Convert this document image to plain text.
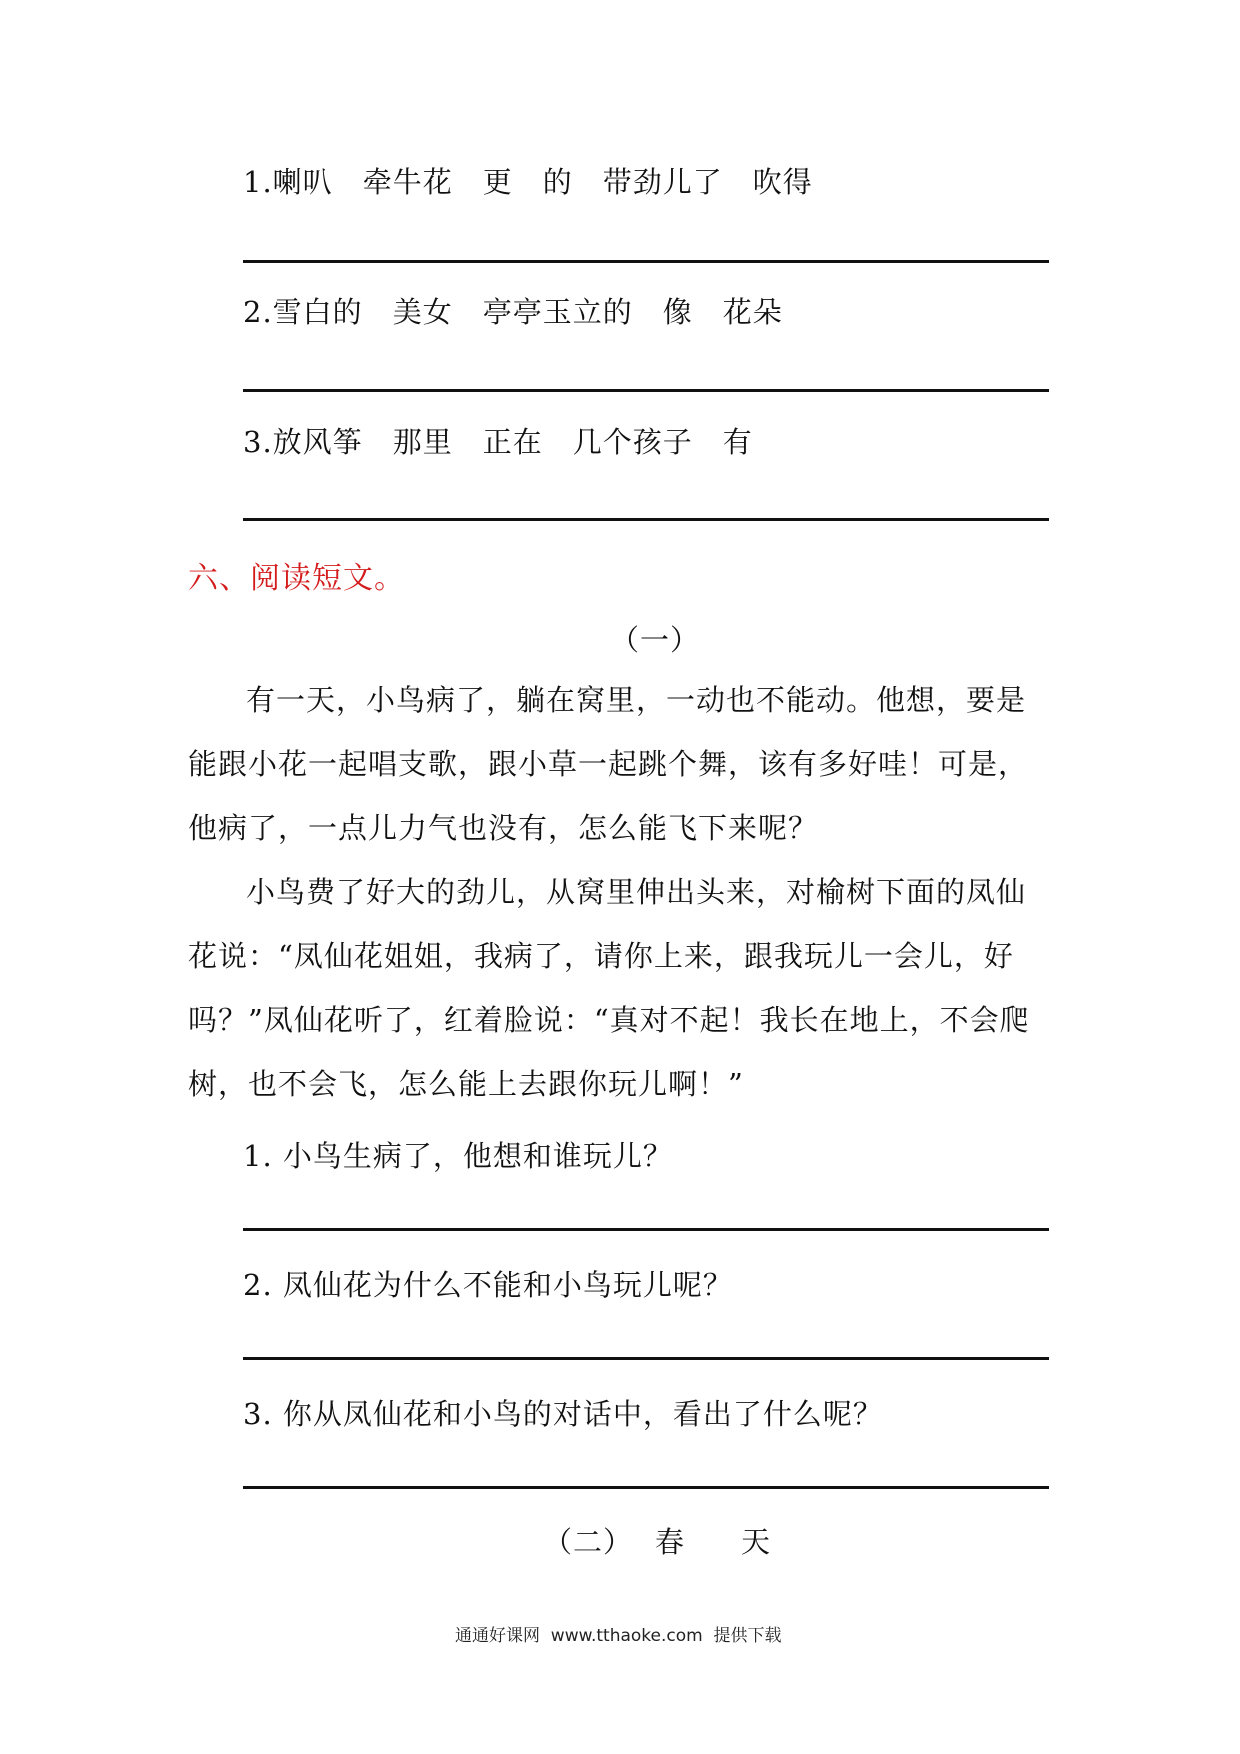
1.喇叭 牵牛花 更 的 带劲儿了 吹得
2.雪白的 美女 亭亭玉立的 像 花朵
3.放风筝 那里 正在 几个孩子 有
六、阅读短文。
（一）

有一天，小鸟病了，躺在窝里，一动也不能动。他想，要是能跟小花一起唱支歌，跟小草一起跳个舞，该有多好哇！可是，他病了，一点儿力气也没有，怎么能飞下来呢？

小鸟费了好大的劲儿，从窝里伸出头来，对榆树下面的凤仙花说：“凤仙花姐姐，我病了，请你上来，跟我玩儿一会儿，好吗？”凤仙花听了，红着脸说：“真对不起！我长在地上，不会爬树，也不会飞，怎么能上去跟你玩儿啊！”

1. 小鸟生病了，他想和谁玩儿？
2. 凤仙花为什么不能和小鸟玩儿呢？
3. 你从凤仙花和小鸟的对话中，看出了什么呢？
（二） 春 天
通通好课网  www.tthaoke.com  提供下载
